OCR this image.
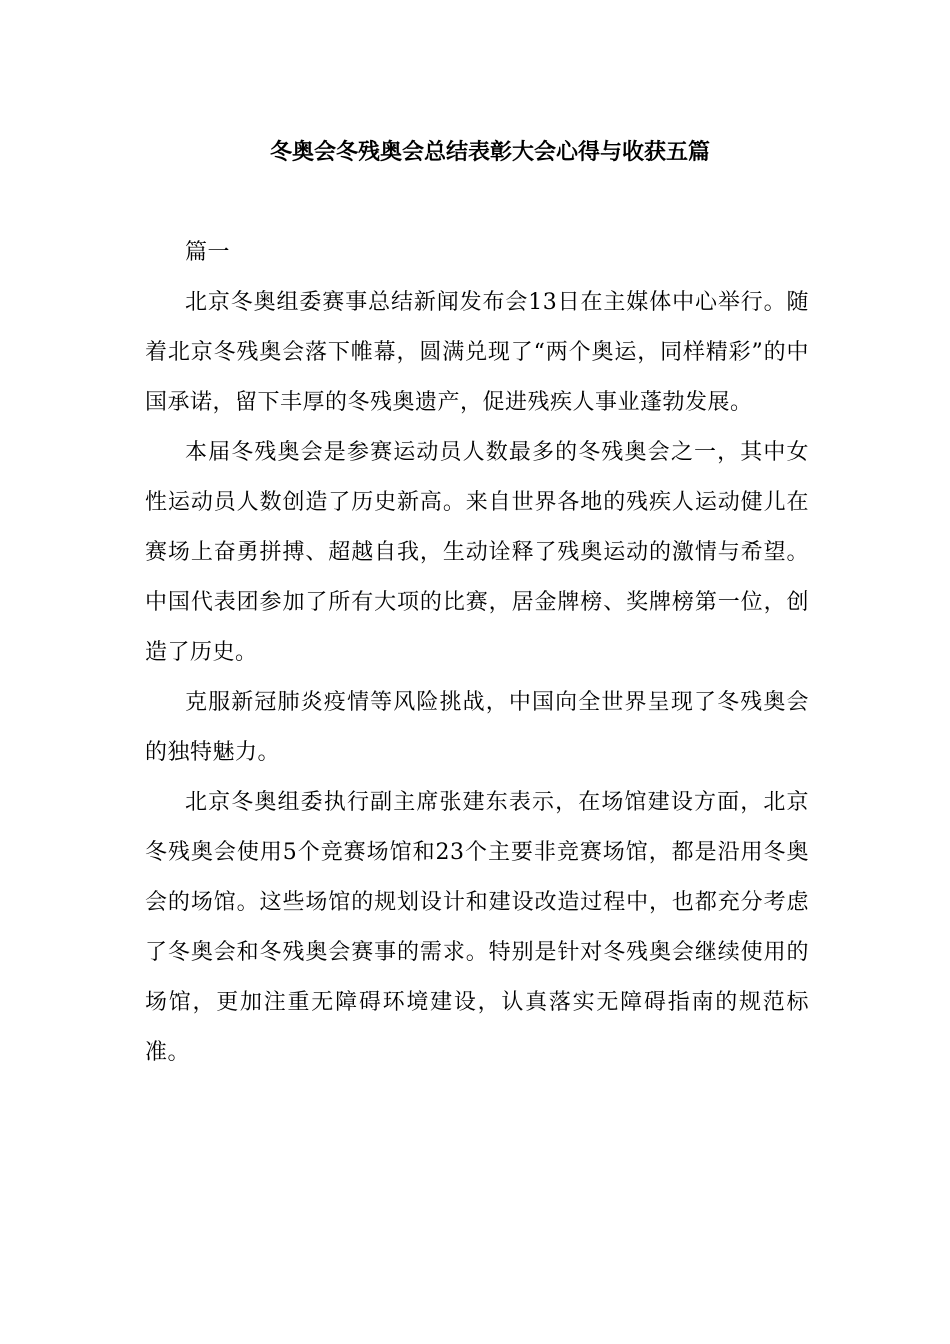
冬奥会冬残奥会总结表彰大会心得与收获五篇

篇一

北京冬奥组委赛事总结新闻发布会13日在主媒体中心举行。随着北京冬残奥会落下帷幕，圆满兑现了“两个奥运，同样精彩”的中国承诺，留下丰厚的冬残奥遗产，促进残疾人事业蓬勃发展。

本届冬残奥会是参赛运动员人数最多的冬残奥会之一，其中女性运动员人数创造了历史新高。来自世界各地的残疾人运动健儿在赛场上奋勇拼搏、超越自我，生动诠释了残奥运动的激情与希望。中国代表团参加了所有大项的比赛，居金牌榜、奖牌榜第一位，创造了历史。

克服新冠肺炎疫情等风险挑战，中国向全世界呈现了冬残奥会的独特魅力。

北京冬奥组委执行副主席张建东表示，在场馆建设方面，北京冬残奥会使用5个竞赛场馆和23个主要非竞赛场馆，都是沿用冬奥会的场馆。这些场馆的规划设计和建设改造过程中，也都充分考虑了冬奥会和冬残奥会赛事的需求。特别是针对冬残奥会继续使用的场馆，更加注重无障碍环境建设，认真落实无障碍指南的规范标准。
